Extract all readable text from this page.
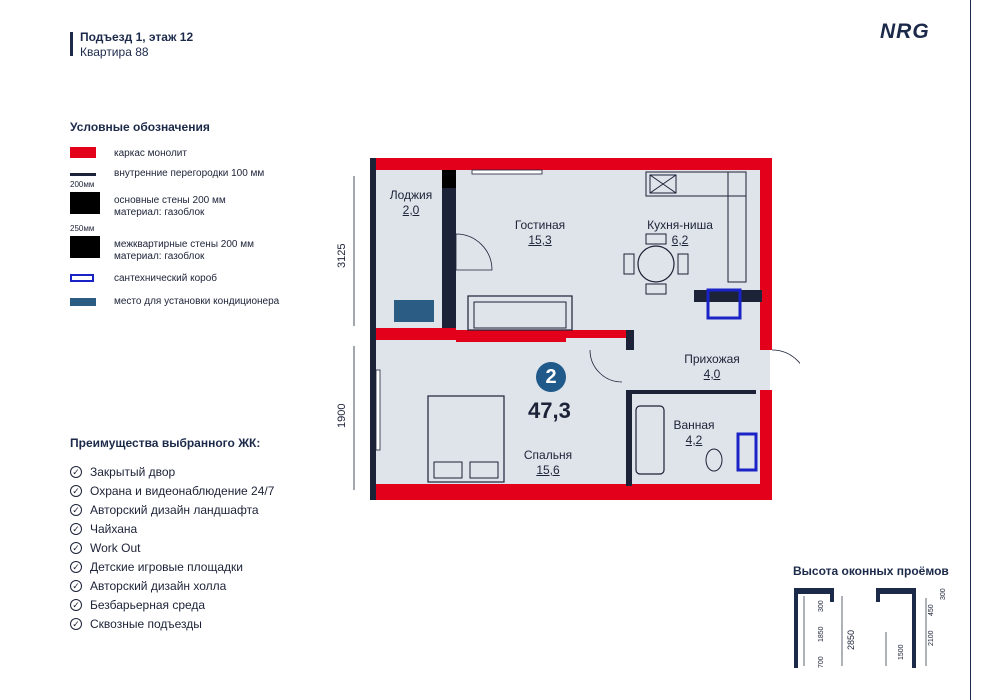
Подъезд 1, этаж 12
Квартира 88
NRG
Условные обозначения
каркас монолит
внутренние перегородки 100 мм
200мм
основные стены 200 мм
материал: газоблок
250мм
межквартирные стены 200 мм
материал: газоблок
сантехнический короб
место для установки кондиционера
Лоджия
2,0
Гостиная
15,3
Кухня-ниша
6,2
Прихожая
4,0
Ванная
4,2
Спальня
15,6
2
47,3
3125
1900
Преимущества выбранного ЖК:
✓ Закрытый двор
✓ Охрана и видеонаблюдение 24/7
✓ Авторский дизайн ландшафта
✓ Чайхана
✓ Work Out
✓ Детские игровые площадки
✓ Авторский дизайн холла
✓ Безбарьерная среда
✓ Сквозные подъезды
Высота оконных проёмов
300
1850
700
2850
300
450
1500
2100
